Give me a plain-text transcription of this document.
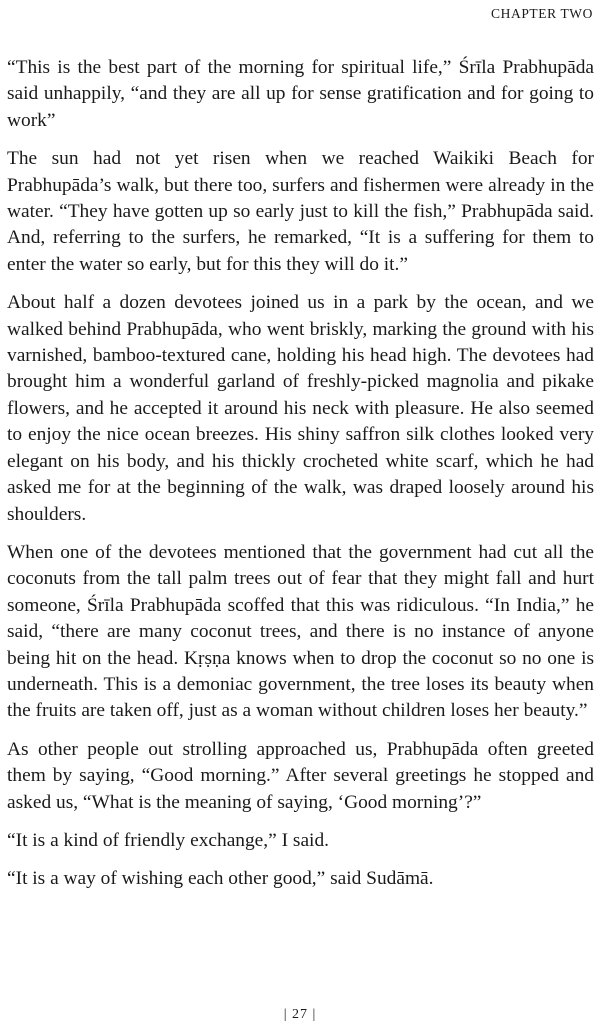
CHAPTER TWO

“This is the best part of the morning for spiritual life,” Śrīla Prabhupāda said unhappily, “and they are all up for sense gratification and for going to work”

The sun had not yet risen when we reached Waikiki Beach for Prabhupāda’s walk, but there too, surfers and fishermen were already in the water. “They have gotten up so early just to kill the fish,” Prabhupāda said. And, referring to the surfers, he remarked, “It is a suffering for them to enter the water so early, but for this they will do it.”

About half a dozen devotees joined us in a park by the ocean, and we walked behind Prabhupāda, who went briskly, marking the ground with his varnished, bamboo-textured cane, holding his head high. The devotees had brought him a wonderful garland of freshly-picked magnolia and pikake flowers, and he accepted it around his neck with pleasure. He also seemed to enjoy the nice ocean breezes. His shiny saffron silk clothes looked very elegant on his body, and his thickly crocheted white scarf, which he had asked me for at the beginning of the walk, was draped loosely around his shoulders.

When one of the devotees mentioned that the government had cut all the coconuts from the tall palm trees out of fear that they might fall and hurt someone, Śrīla Prabhupāda scoffed that this was ridiculous. “In India,” he said, “there are many coconut trees, and there is no instance of anyone being hit on the head. Kṛṣṇa knows when to drop the coconut so no one is underneath. This is a demoniac government, the tree loses its beauty when the fruits are taken off, just as a woman without children loses her beauty.”

As other people out strolling approached us, Prabhupāda often greeted them by saying, “Good morning.” After several greetings he stopped and asked us, “What is the meaning of saying, ‘Good morning’?”

“It is a kind of friendly exchange,” I said.

“It is a way of wishing each other good,” said Sudāmā.

| 27 |
